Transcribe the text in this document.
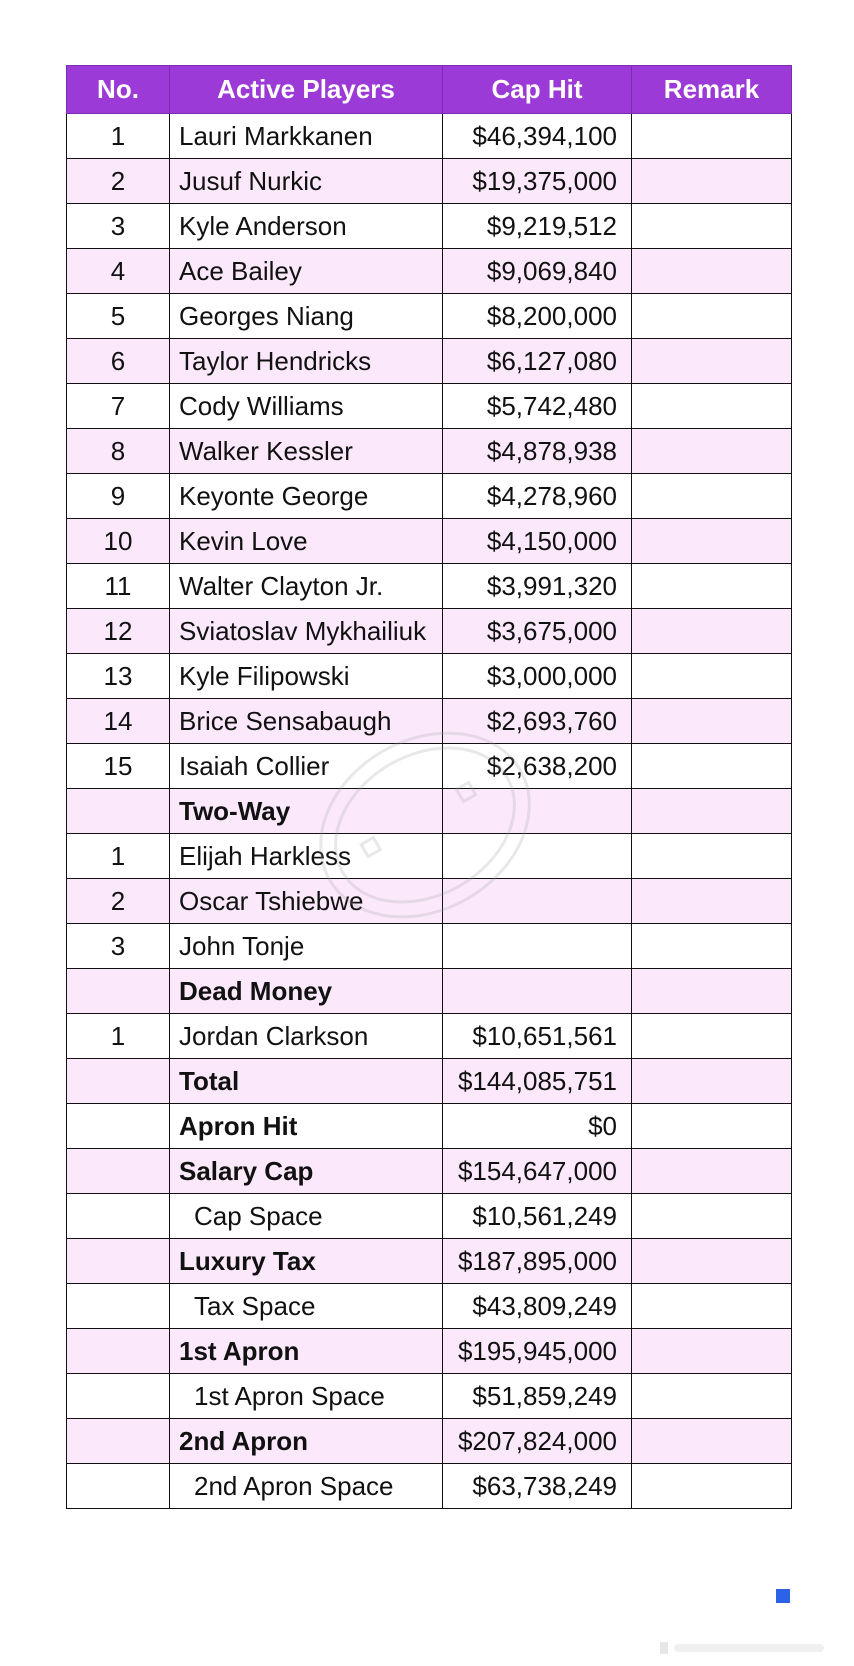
No.	Active Players	Cap Hit	Remark
1	Lauri Markkanen	$46,394,100	
2	Jusuf Nurkic	$19,375,000	
3	Kyle Anderson	$9,219,512	
4	Ace Bailey	$9,069,840	
5	Georges Niang	$8,200,000	
6	Taylor Hendricks	$6,127,080	
7	Cody Williams	$5,742,480	
8	Walker Kessler	$4,878,938	
9	Keyonte George	$4,278,960	
10	Kevin Love	$4,150,000	
11	Walter Clayton Jr.	$3,991,320	
12	Sviatoslav Mykhailiuk	$3,675,000	
13	Kyle Filipowski	$3,000,000	
14	Brice Sensabaugh	$2,693,760	
15	Isaiah Collier	$2,638,200	
	Two-Way		
1	Elijah Harkless		
2	Oscar Tshiebwe		
3	John Tonje		
	Dead Money		
1	Jordan Clarkson	$10,651,561	
	Total	$144,085,751	
	Apron Hit	$0	
	Salary Cap	$154,647,000	
	Cap Space	$10,561,249	
	Luxury Tax	$187,895,000	
	Tax Space	$43,809,249	
	1st Apron	$195,945,000	
	1st Apron Space	$51,859,249	
	2nd Apron	$207,824,000	
	2nd Apron Space	$63,738,249	
